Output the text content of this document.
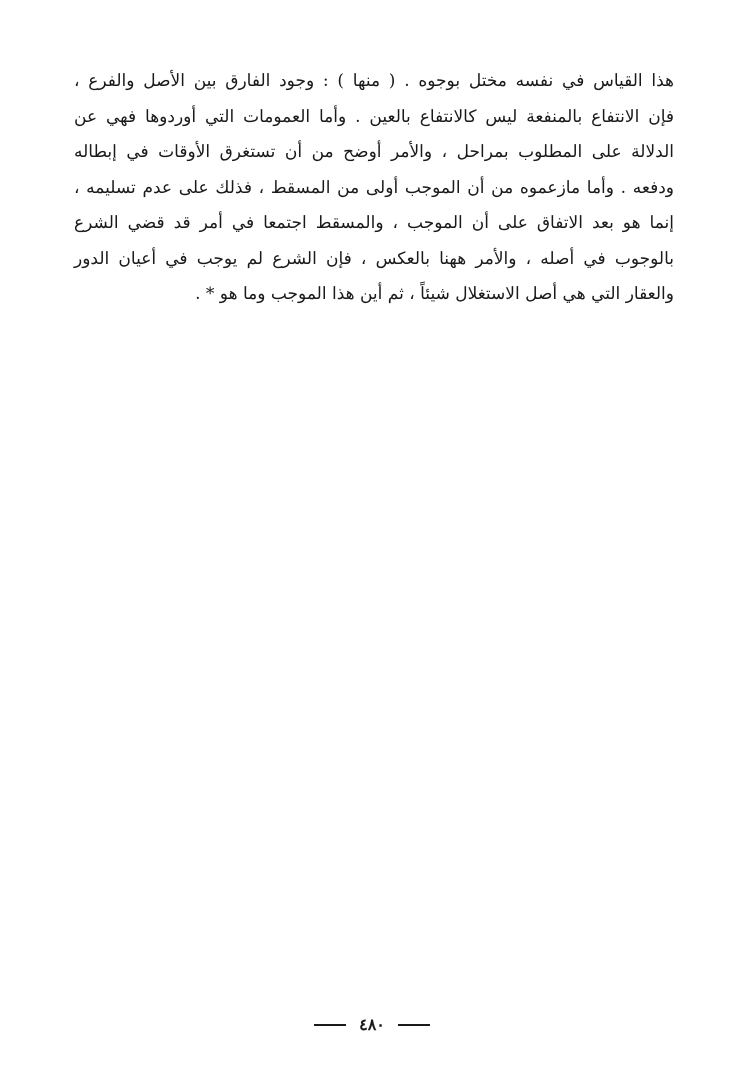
هذا القياس في نفسه مختل بوجوه . ( منها ) : وجود الفارق بين الأصل والفرع ،
فإن الانتفاع بالمنفعة ليس كالانتفاع بالعين . وأما العمومات التي أوردوها فهي عن
الدلالة على المطلوب بمراحل ، والأمر أوضح من أن تستغرق الأوقات في إبطاله
ودفعه . وأما مازعموه من أن الموجب أولى من المسقط ، فذلك على عدم تسليمه ،
إنما هو بعد الاتفاق على أن الموجب ، والمسقط اجتمعا في أمر قد قضي الشرع
بالوجوب في أصله ، والأمر ههنا بالعكس ، فإن الشرع لم يوجب في أعيان الدور
والعقار التي هي أصل الاستغلال شيئاً ، ثم أين هذا الموجب وما هو * .
٤٨٠
